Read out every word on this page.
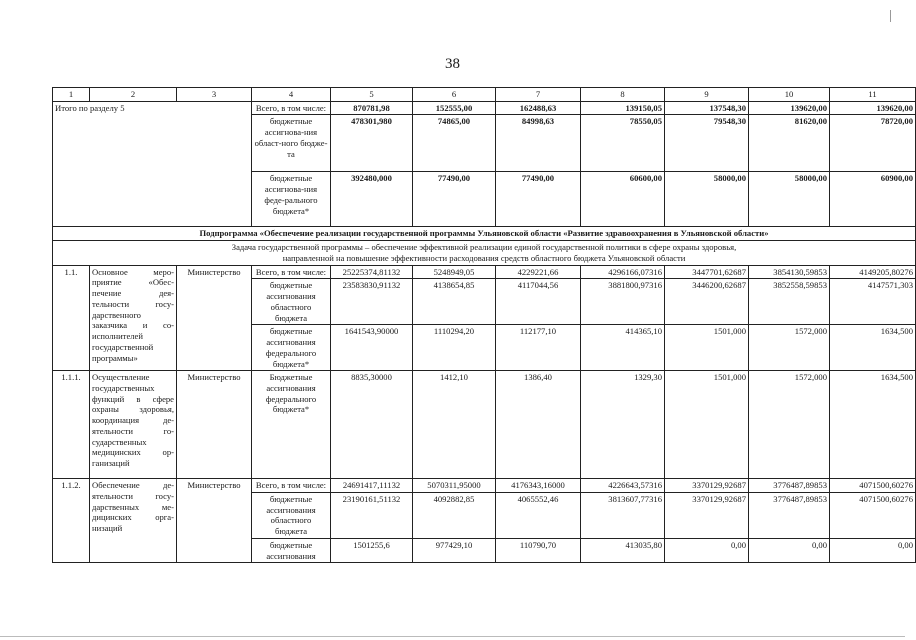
38
1	2	3	4	5	6	7	8	9	10	11
Итого по разделу 5			Всего, в том числе:	870781,98	152555,00	162488,63	139150,05	137548,30	139620,00	139620,00
			бюджетные ассигнова-ния област-ного бюдже-та	478301,980	74865,00	84998,63	78550,05	79548,30	81620,00	78720,00
			бюджетные ассигнова-ния феде-рального бюджета*	392480,000	77490,00	77490,00	60600,00	58000,00	58000,00	60900,00
Подпрограмма «Обеспечение реализации государственной программы Ульяновской области «Развитие здравоохранения в Ульяновской области»										

Задача государственной программы – обеспечение эффективной реализации единой государственной политики в сфере охраны здоровья,
направленной на повышение эффективности расходования средств областного бюджета Ульяновской области										

1.1.	Основное меро-приятие «Обес-печение дея-тельности госу-дарственного заказчика и со-исполнителей государственной программы»	Министерство	Всего, в том числе:	25225374,81132	5248949,05	4229221,66	4296166,07316	3447701,62687	3854130,59853	4149205,80276
			бюджетные ассигнования областного бюджета	23583830,91132	4138654,85	4117044,56	3881800,97316	3446200,62687	3852558,59853	4147571,303
			бюджетные ассигнования федерального бюджета*	1641543,90000	1110294,20	112177,10	414365,10	1501,000	1572,000	1634,500
1.1.1.	Осуществление государственных функций в сфере охраны здоровья, координация де-ятельности го-сударственных медицинских ор-ганизаций	Министерство	Бюджетные ассигнования федерального бюджета*	8835,30000	1412,10	1386,40	1329,30	1501,000	1572,000	1634,500
1.1.2.	Обеспечение де-ятельности госу-дарственных ме-дицинских орга-низаций	Министерство	Всего, в том числе:	24691417,11132	5070311,95000	4176343,16000	4226643,57316	3370129,92687	3776487,89853	4071500,60276
			бюджетные ассигнования областного бюджета	23190161,51132	4092882,85	4065552,46	3813607,77316	3370129,92687	3776487,89853	4071500,60276
			бюджетные ассигнования	1501255,6	977429,10	110790,70	413035,80	0,00	0,00	0,00
